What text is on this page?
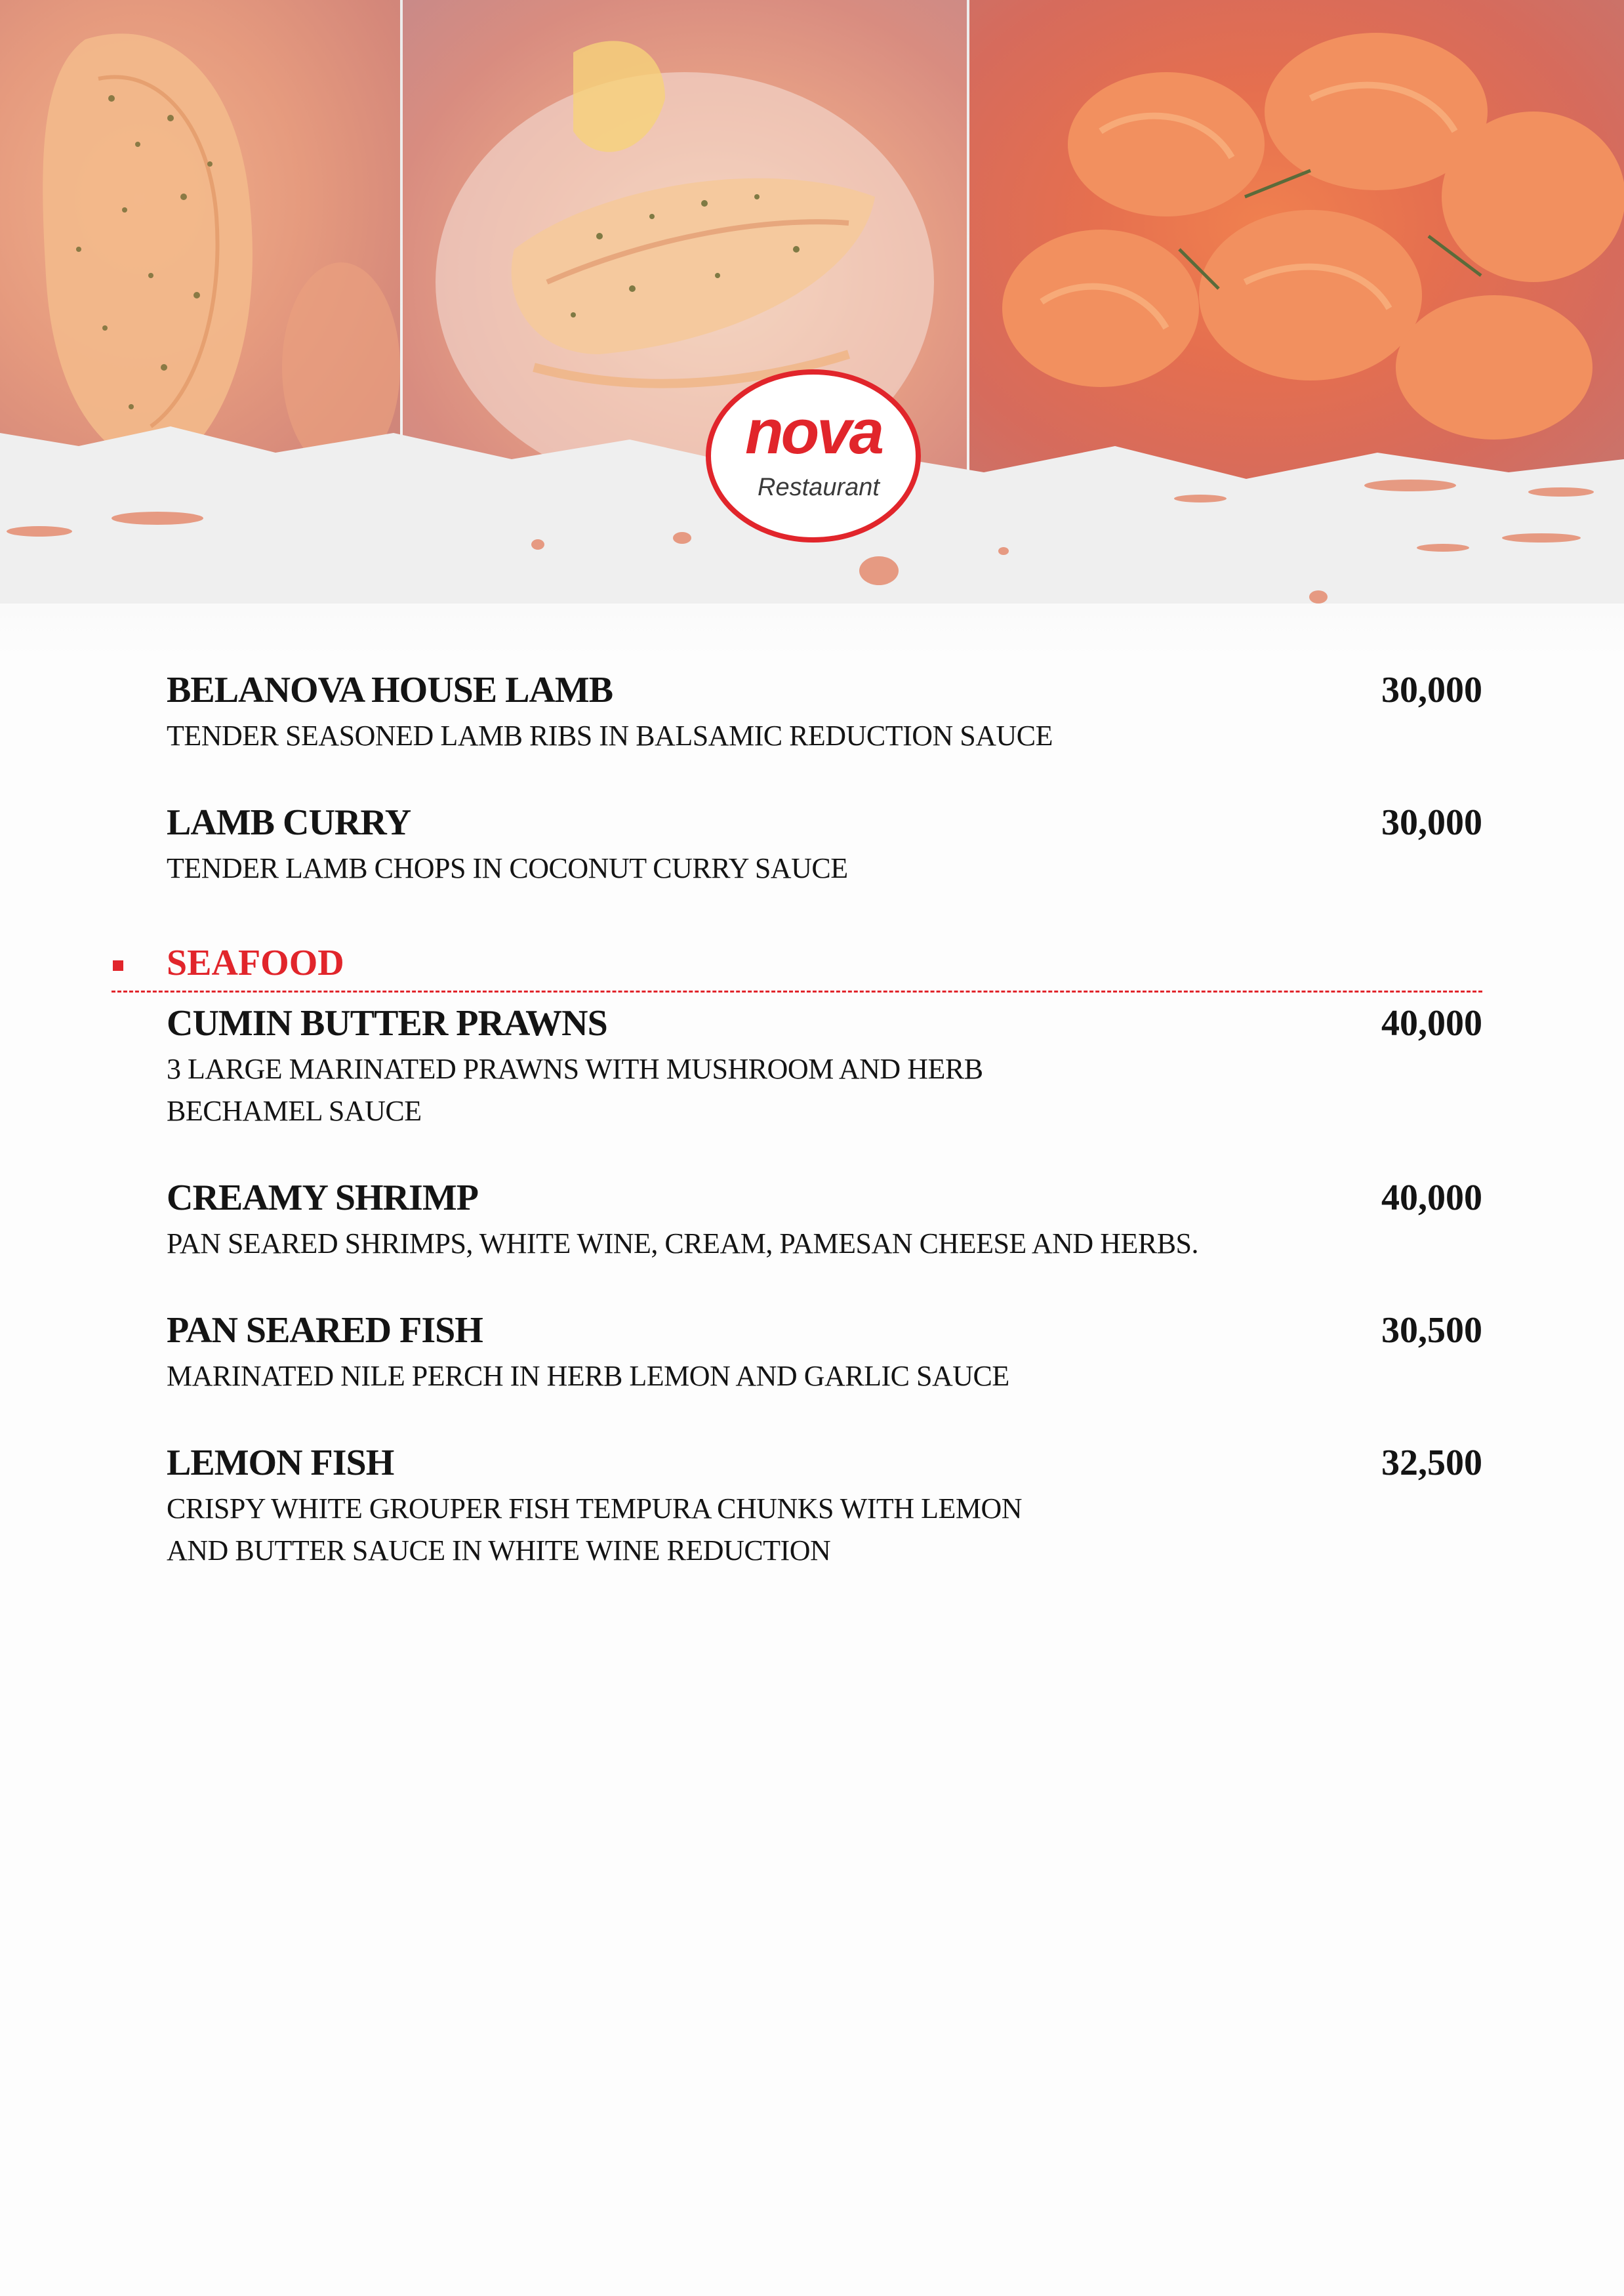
nova
Restaurant
BELANOVA HOUSE LAMB	30,000
TENDER SEASONED LAMB RIBS IN BALSAMIC REDUCTION SAUCE
LAMB CURRY	30,000
TENDER LAMB CHOPS IN COCONUT CURRY SAUCE
SEAFOOD
CUMIN BUTTER PRAWNS	40,000
3 LARGE MARINATED PRAWNS WITH MUSHROOM AND HERB
BECHAMEL SAUCE
CREAMY SHRIMP	40,000
PAN SEARED SHRIMPS, WHITE WINE, CREAM, PAMESAN CHEESE AND HERBS.
PAN SEARED FISH	30,500
MARINATED NILE PERCH IN HERB LEMON AND GARLIC SAUCE
LEMON FISH	32,500
CRISPY WHITE GROUPER FISH TEMPURA CHUNKS WITH LEMON
AND BUTTER SAUCE IN WHITE WINE REDUCTION
